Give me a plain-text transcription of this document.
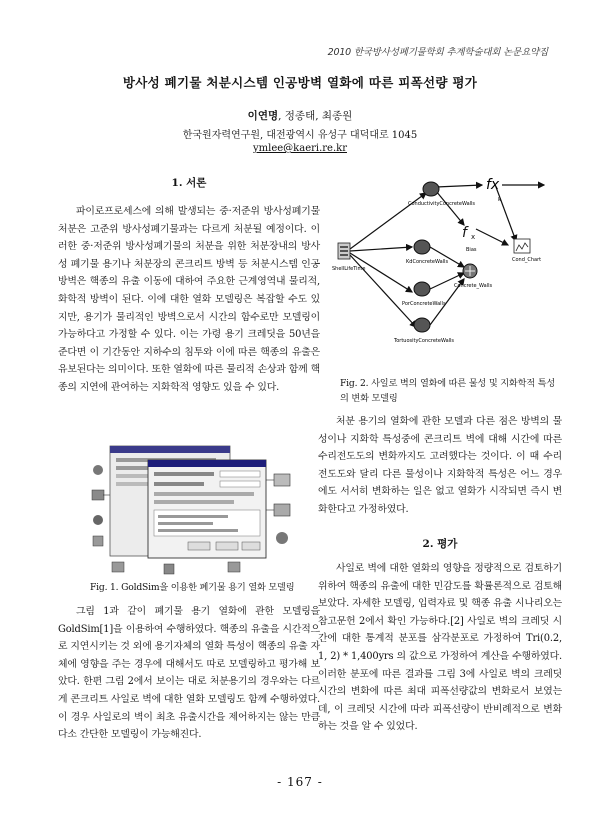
2010 한국방사성폐기물학회 추계학술대회 논문요약집
방사성 폐기물 처분시스템 인공방벽 열화에 따른 피폭선량 평가
이연명, 정종태, 최종원
한국원자력연구원, 대전광역시 유성구 대덕대로 1045
ymlee@kaeri.re.kr
1. 서론
파이로프로세스에 의해 발생되는 중·저준위 방사성폐기물 처분은 고준위 방사성폐기물과는 다르게 처분될 예정이다. 이러한 중·저준위 방사성폐기물의 처분을 위한 처분장내의 방사성 폐기물 용기나 처분장의 콘크리트 방벽 등 처분시스템 인공방벽은 핵종의 유출 이동에 대하여 주요한 근계영역내 물리적, 화학적 방벽이 된다. 이에 대한 열화 모델링은 복잡할 수도 있지만, 용기가 물리적인 방벽으로서 시간의 함수로만 모델링이 가능하다고 가정할 수 있다. 이는 가령 용기 크레딧을 50년을 준다면 이 기간동안 지하수의 침투와 이에 따른 핵종의 유출은 유보된다는 의미이다. 또한 열화에 따른 물리적 손상과 함께 핵종의 지연에 관여하는 지화학적 영향도 있을 수 있다.
Fig. 1. GoldSim을 이용한 폐기물 용기 열화 모델링
그림 1과 같이 폐기물 용기 열화에 관한 모델링을 GoldSim[1]을 이용하여 수행하였다. 핵종의 유출을 시간적으로 지연시키는 것 외에 용기자체의 열화 특성이 핵종의 유출 자체에 영향을 주는 경우에 대해서도 따로 모델링하고 평가해 보았다. 한편 그림 2에서 보이는 대로 처분용기의 경우와는 다르게 콘크리트 사일로 벽에 대한 열화 모델링도 함께 수행하였다. 이 경우 사일로의 벽이 최초 유출시간을 제어하지는 않는 만큼 다소 간단한 모델링이 가능해진다.
ShellLifeTime
ConductivityConcreteWalls
fx
k
KdConcreteWalls
PorConcreteWalls
TortuosityConcreteWalls
f x
Bias
Concrete_Walls
Cond_Chart
Fig. 2. 사일로 벽의 열화에 따른 물성 및 지화학적 특성의 변화 모델링
처분 용기의 열화에 관한 모델과 다른 점은 방벽의 물성이나 지화학 특성중에 콘크리트 벽에 대해 시간에 따른 수리전도도의 변화까지도 고려했다는 것이다. 이 때 수리 전도도와 달리 다른 물성이나 지화학적 특성은 어느 경우에도 서서히 변화하는 일은 없고 열화가 시작되면 즉시 변화한다고 가정하였다.
2. 평가
사일로 벽에 대한 열화의 영향을 정량적으로 검토하기 위하여 핵종의 유출에 대한 민감도를 확률론적으로 검토해 보았다. 자세한 모델링, 입력자료 및 핵종 유출 시나리오는 참고문헌 2에서 확인 가능하다.[2] 사일로 벽의 크레딧 시간에 대한 통계적 분포를 삼각분포로 가정하여 Tri(0.2, 1, 2) * 1,400yrs 의 값으로 가정하여 계산을 수행하였다. 이러한 분포에 따른 결과를 그림 3에 사일로 벽의 크레딧 시간의 변화에 따른 최대 피폭선량값의 변화로서 보였는데, 이 크레딧 시간에 따라 피폭선량이 반비례적으로 변화하는 것을 알 수 있었다.
- 167 -
